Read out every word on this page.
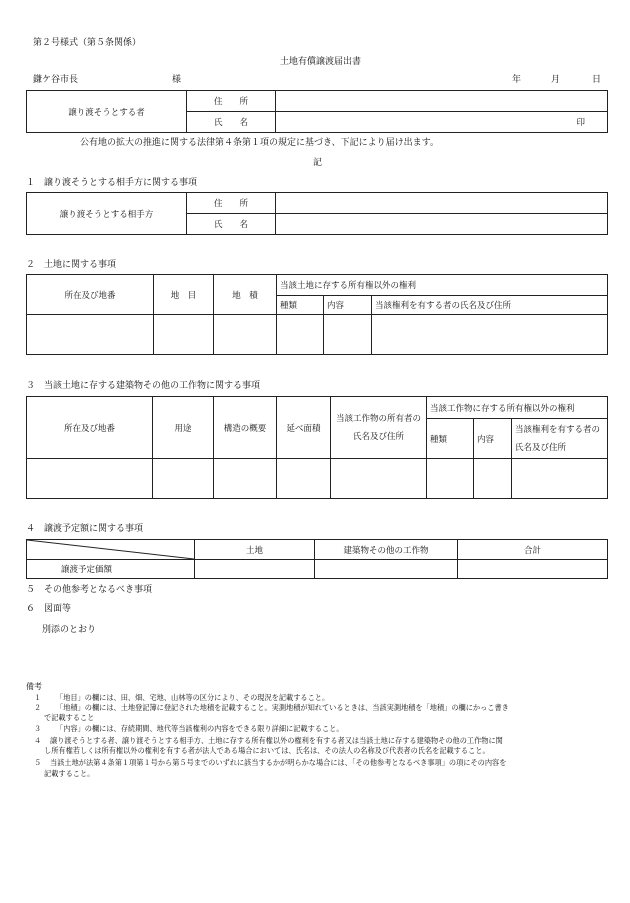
第２号様式（第５条関係）
土地有償譲渡届出書
鎌ケ谷市長	様	年	月	日
譲り渡そうとする者	住　　所	
	氏　　名	印
公有地の拡大の推進に関する法律第４条第１項の規定に基づき、下記により届け出ます。
記
１　譲り渡そうとする相手方に関する事項
譲り渡そうとする相手方	住　　所	
	氏　　名	
２　土地に関する事項
所在及び地番	地　目	地　積	当該土地に存する所有権以外の権利		
			種類	内容	当該権利を有する者の氏名及び住所

３　当該土地に存する建築物その他の工作物に関する事項
所在及び地番	用途	構造の概要	延べ面積	当該工作物の所有者の氏名及び住所	当該工作物に存する所有権以外の権利		
					種類	内容	当該権利を有する者の氏名及び住所

４　譲渡予定額に関する事項
	土地	建築物その他の工作物	合計
譲渡予定価額			
５　その他参考となるべき事項
６　図面等
別添のとおり
備考
１ 「地目」の欄には、田、畑、宅地、山林等の区分により、その現況を記載すること。
２ 「地積」の欄には、土地登記簿に登記された地積を記載すること。実測地積が知れているときは、当該実測地積を「地積」の欄にかっこ書き
で記載すること
３ 「内容」の欄には、存続期間、地代等当該権利の内容をできる限り詳細に記載すること。
４ 譲り渡そうとする者、譲り渡そうとする相手方、土地に存する所有権以外の権利を有する者又は当該土地に存する建築物その他の工作物に関
し所有権若しくは所有権以外の権利を有する者が法人である場合においては、氏名は、その法人の名称及び代表者の氏名を記載すること。
５ 当該土地が法第４条第１項第１号から第５号までのいずれに該当するかが明らかな場合には、「その他参考となるべき事項」の項にその内容を
記載すること。
